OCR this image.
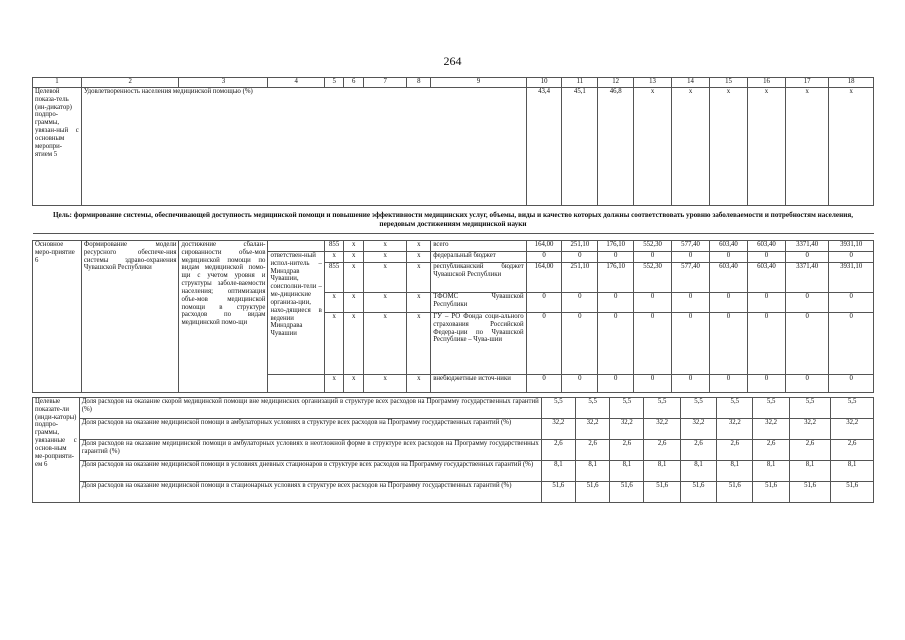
264
1	2	3	4	5	6	7	8	9	10	11	12	13	14	15	16	17	18
Целевой показа-тель (ин-дикатор) подпро-граммы, увязан-ный с основным меропри-ятием 5	Удовлетворенность населения медицинской помощью (%)								43,4	45,1	46,8	x	x	x	x	x	x
Цель: формирование системы, обеспечивающей доступность медицинской помощи и повышение эффективности медицинских услуг, объемы, виды и качество которых должны соответствовать уровню заболеваемости и потребностям населения, передовым достижениям медицинской науки																	

Основное меро-приятие 6	Формирование модели ресурсного обеспече-ния системы здраво-охранения Чувашской Республики	достижение сбалан-сированности объе-мов медицинской помощи по видам медицинской помо-щи с учетом уровня и структуры заболе-ваемости населения; оптимизация объе-мов медицинской помощи в структуре расходов по видам медицинской помо-щи		855	x	x	x	всего	164,00	251,10	176,10	552,30	577,40	603,40	603,40	3371,40	3931,10
			ответствен-ный испол-нитель – Минздрав Чувашии, соисполни-тели – ме-дицинские организа-ции, нахо-дящиеся в ведении Минздрава Чувашии	x	x	x	x	федеральный бюджет	0	0	0	0	0	0	0	0	0
				855	x	x	x	республиканский бюджет Чувашской Республики	164,00	251,10	176,10	552,30	577,40	603,40	603,40	3371,40	3931,10
				x	x	x	x	ТФОМС Чувашской Республики	0	0	0	0	0	0	0	0	0
				x	x	x	x	ГУ – РО Фонда соци-ального страхования Российской Федера-ции по Чувашской Республике – Чува-шии	0	0	0	0	0	0	0	0	0
				x	x	x	x	внебюджетные источ-ники	0	0	0	0	0	0	0	0	0
Целевые показате-ли (инди-каторы) подпро-граммы, увязанные с основ-ным ме-роприяти-ем 6	Доля расходов на оказание скорой медицинской помощи вне медицинских организаций в структуре всех расходов на Программу государственных гарантий (%)	5,5	5,5	5,5	5,5	5,5	5,5	5,5	5,5	5,5
	Доля расходов на оказание медицинской помощи в амбулаторных условиях в структуре всех расходов на Программу государственных гарантий (%)	32,2	32,2	32,2	32,2	32,2	32,2	32,2	32,2	32,2
	Доля расходов на оказание медицинской помощи в амбулаторных условиях в неотложной форме в структуре всех расходов на Программу государственных гарантий (%)	2,6	2,6	2,6	2,6	2,6	2,6	2,6	2,6	2,6
	Доля расходов на оказание медицинской помощи в условиях дневных стационаров в структуре всех расходов на Программу государственных гарантий (%)	8,1	8,1	8,1	8,1	8,1	8,1	8,1	8,1	8,1
	Доля расходов на оказание медицинской помощи в стационарных условиях в структуре всех расходов на Программу государственных гарантий (%)	51,6	51,6	51,6	51,6	51,6	51,6	51,6	51,6	51,6
